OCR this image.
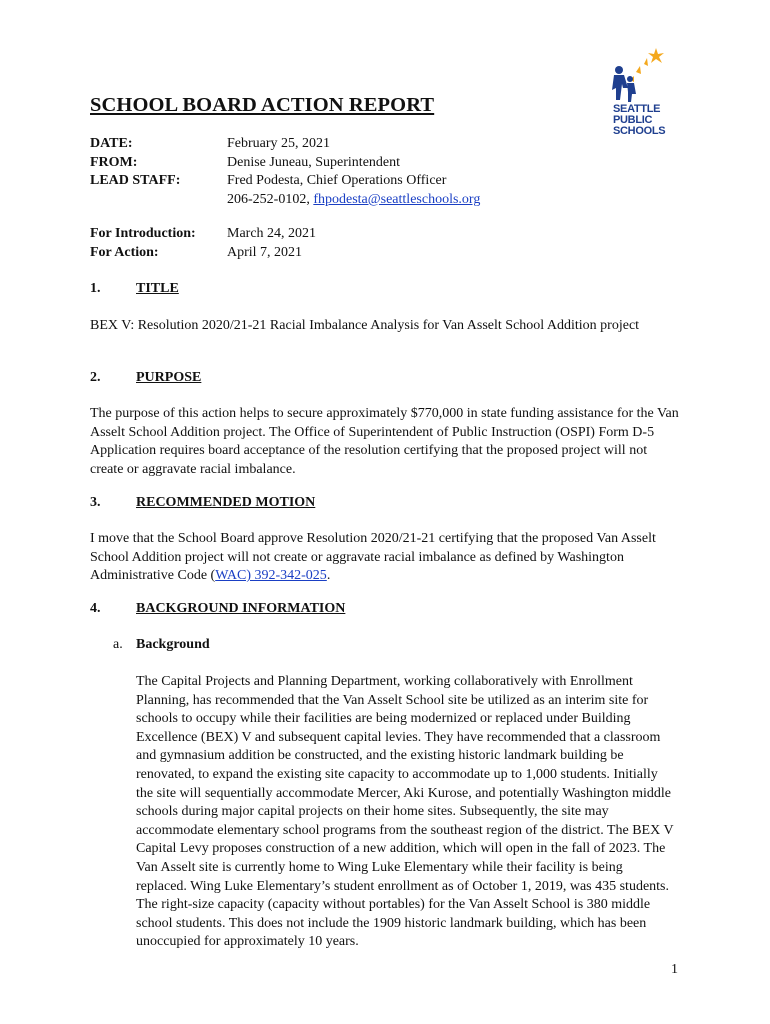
SEATTLE
PUBLIC
SCHOOLS
SCHOOL BOARD ACTION REPORT
DATE:	February 25, 2021
FROM:	Denise Juneau, Superintendent
LEAD STAFF:	Fred Podesta, Chief Operations Officer
206-252-0102, fhpodesta@seattleschools.org
For Introduction:	March 24, 2021
For Action:	April 7, 2021
1.	TITLE

BEX V: Resolution 2020/21-21 Racial Imbalance Analysis for Van Asselt School Addition project

2.	PURPOSE

The purpose of this action helps to secure approximately $770,000 in state funding assistance for the Van Asselt School Addition project. The Office of Superintendent of Public Instruction (OSPI) Form D-5 Application requires board acceptance of the resolution certifying that the proposed project will not create or aggravate racial imbalance.

3.	RECOMMENDED MOTION

I move that the School Board approve Resolution 2020/21-21 certifying that the proposed Van Asselt School Addition project will not create or aggravate racial imbalance as defined by Washington Administrative Code (WAC) 392-342-025.

4.	BACKGROUND INFORMATION
a. Background

The Capital Projects and Planning Department, working collaboratively with Enrollment Planning, has recommended that the Van Asselt School site be utilized as an interim site for schools to occupy while their facilities are being modernized or replaced under Building Excellence (BEX) V and subsequent capital levies. They have recommended that a classroom and gymnasium addition be constructed, and the existing historic landmark building be renovated, to expand the existing site capacity to accommodate up to 1,000 students. Initially the site will sequentially accommodate Mercer, Aki Kurose, and potentially Washington middle schools during major capital projects on their home sites. Subsequently, the site may accommodate elementary school programs from the southeast region of the district. The BEX V Capital Levy proposes construction of a new addition, which will open in the fall of 2023. The Van Asselt site is currently home to Wing Luke Elementary while their facility is being replaced. Wing Luke Elementary’s student enrollment as of October 1, 2019, was 435 students. The right-size capacity (capacity without portables) for the Van Asselt School is 380 middle school students. This does not include the 1909 historic landmark building, which has been unoccupied for approximately 10 years.

1
